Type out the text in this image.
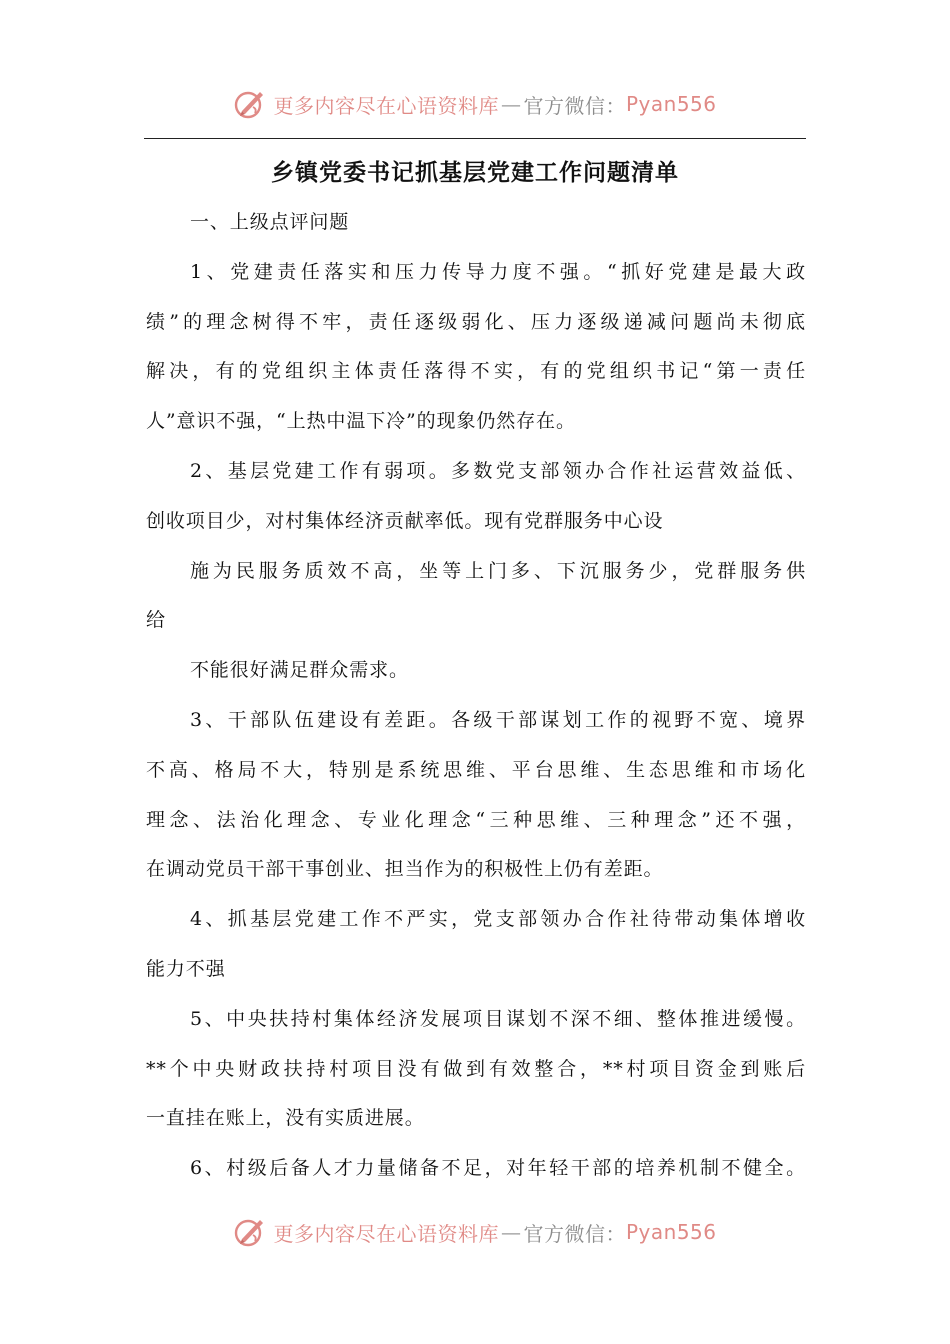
更多内容尽在心语资料库 — 官方微信： Pyan556
乡镇党委书记抓基层党建工作问题清单
一、上级点评问题
1、党建责任落实和压力传导力度不强。“抓好党建是最大政
绩”的理念树得不牢，责任逐级弱化、压力逐级递减问题尚未彻底
解决，有的党组织主体责任落得不实，有的党组织书记“第一责任
人”意识不强，“上热中温下冷”的现象仍然存在。
2、基层党建工作有弱项。多数党支部领办合作社运营效益低、
创收项目少，对村集体经济贡献率低。现有党群服务中心设
施为民服务质效不高，坐等上门多、下沉服务少，党群服务供
给
不能很好满足群众需求。
3、干部队伍建设有差距。各级干部谋划工作的视野不宽、境界
不高、格局不大，特别是系统思维、平台思维、生态思维和市场化
理念、法治化理念、专业化理念“三种思维、三种理念”还不强，
在调动党员干部干事创业、担当作为的积极性上仍有差距。
4、抓基层党建工作不严实，党支部领办合作社待带动集体增收
能力不强
5、中央扶持村集体经济发展项目谋划不深不细、整体推进缓慢。
**个中央财政扶持村项目没有做到有效整合，**村项目资金到账后
一直挂在账上，没有实质进展。
6、村级后备人才力量储备不足，对年轻干部的培养机制不健全。
更多内容尽在心语资料库 — 官方微信： Pyan556
